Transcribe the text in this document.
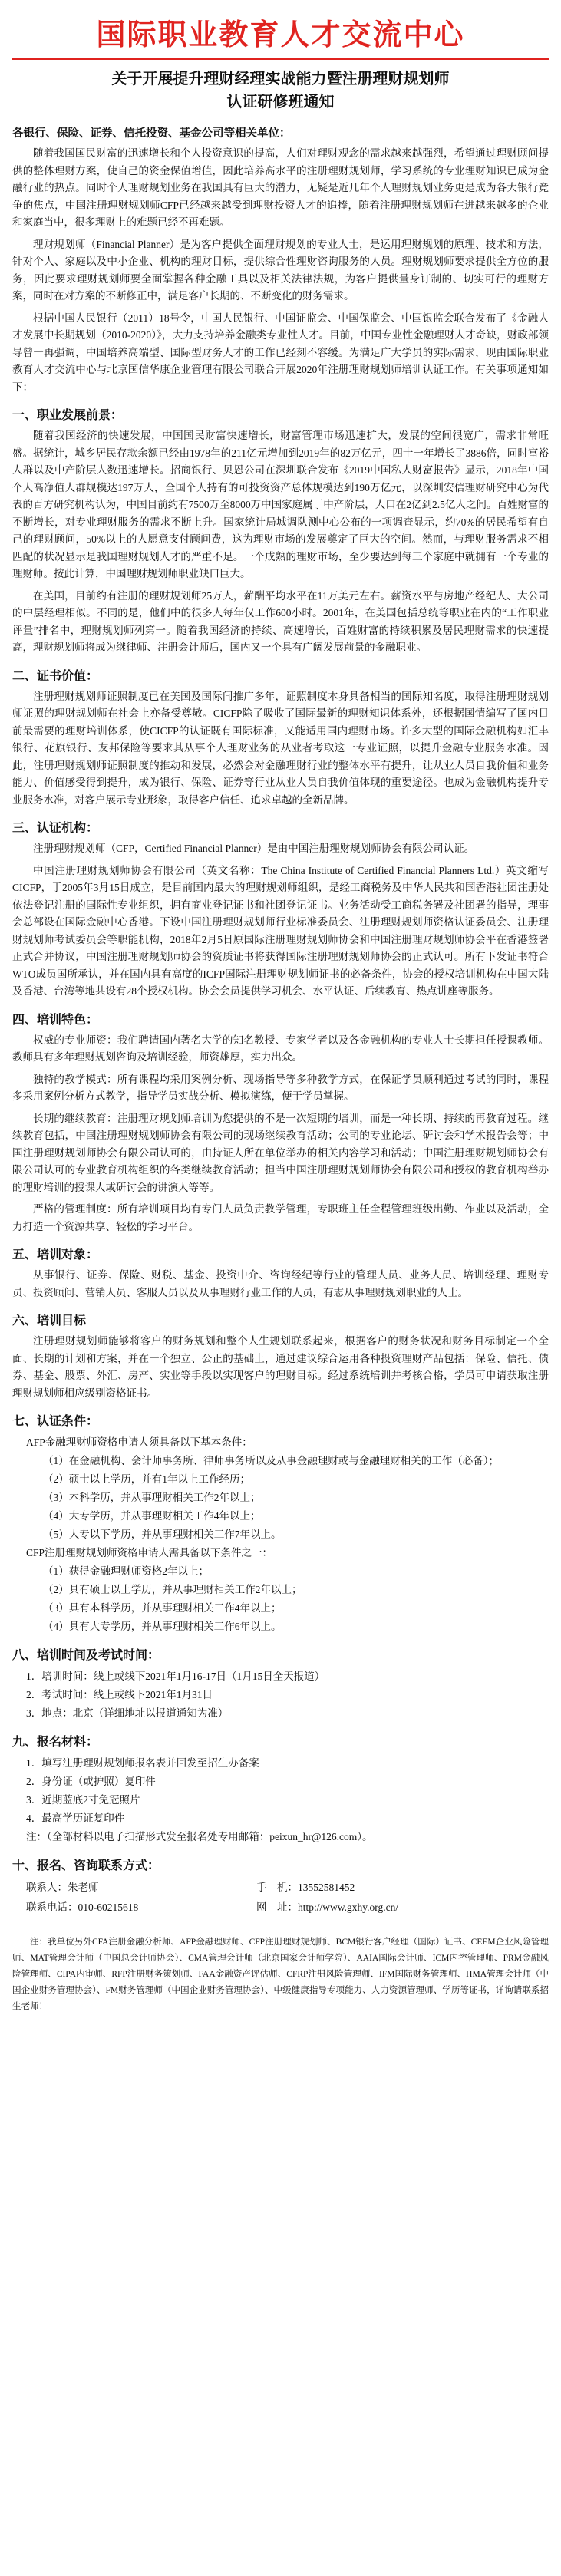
国际职业教育人才交流中心
关于开展提升理财经理实战能力暨注册理财规划师
认证研修班通知
各银行、保险、证券、信托投资、基金公司等相关单位：

随着我国国民财富的迅速增长和个人投资意识的提高，人们对理财观念的需求越来越强烈，希望通过理财顾问提供的整体理财方案，使自己的资金保值增值，因此培养高水平的注册理财规划师，学习系统的专业理财知识已成为金融行业的热点。同时个人理财规划业务在我国具有巨大的潜力，无疑是近几年个人理财规划业务更是成为各大银行竞争的焦点，中国注册理财规划师CFP已经越来越受到理财投资人才的追捧，随着注册理财规划师在进越来越多的企业和家庭当中，很多理财上的难题已经不再难题。

理财规划师（Financial Planner）是为客户提供全面理财规划的专业人士，是运用理财规划的原理、技术和方法，针对个人、家庭以及中小企业、机构的理财目标，提供综合性理财咨询服务的人员。理财规划师要求提供全方位的服务，因此要求理财规划师要全面掌握各种金融工具以及相关法律法规，为客户提供量身订制的、切实可行的理财方案，同时在对方案的不断修正中，满足客户长期的、不断变化的财务需求。

根据中国人民银行（2011）18号令，中国人民银行、中国证监会、中国保监会、中国银监会联合发布了《金融人才发展中长期规划（2010-2020）》，大力支持培养金融类专业性人才。目前，中国专业性金融理财人才奇缺，财政部领导曾一再强调，中国培养高端型、国际型财务人才的工作已经刻不容缓。为满足广大学员的实际需求，现由国际职业教育人才交流中心与北京国信华康企业管理有限公司联合开展2020年注册理财规划师培训认证工作。有关事项通知如下：

一、职业发展前景：

随着我国经济的快速发展，中国国民财富快速增长，财富管理市场迅速扩大，发展的空间很宽广，需求非常旺盛。据统计，城乡居民存款余额已经由1978年的211亿元增加到2019年的82万亿元，四十一年增长了3886倍，同时富裕人群以及中产阶层人数迅速增长。招商银行、贝恩公司在深圳联合发布《2019中国私人财富报告》显示，2018年中国个人高净值人群规模达197万人，全国个人持有的可投资资产总体规模达到190万亿元，以深圳安信理财研究中心为代表的百方研究机构认为，中国目前约有7500万至8000万中国家庭属于中产阶层，人口在2亿到2.5亿人之间。百姓财富的不断增长，对专业理财服务的需求不断上升。国家统计局城调队测中心公布的一项调查显示，约70%的居民希望有自己的理财顾问，50%以上的人愿意支付顾问费，这为理财市场的发展奠定了巨大的空间。然而，与理财服务需求不相匹配的状况显示是我国理财规划人才的严重不足。一个成熟的理财市场，至少要达到每三个家庭中就拥有一个专业的理财师。按此计算，中国理财规划师职业缺口巨大。

在美国，目前约有注册的理财规划师25万人，薪酬平均水平在11万美元左右。薪资水平与房地产经纪人、大公司的中层经理相似。不同的是，他们中的很多人每年仅工作600小时。2001年，在美国包括总统等职业在内的“工作职业评量”排名中，理财规划师列第一。随着我国经济的持续、高速增长，百姓财富的持续积累及居民理财需求的快速提高，理财规划师将成为继律师、注册会计师后，国内又一个具有广阔发展前景的金融职业。

二、证书价值：

注册理财规划师证照制度已在美国及国际间推广多年，证照制度本身具备相当的国际知名度，取得注册理财规划师证照的理财规划师在社会上亦备受尊敬。CICFP除了吸收了国际最新的理财知识体系外，还根据国情编写了国内目前最需要的理财培训体系，使CICFP的认证既有国际标准，又能适用国内理财市场。许多大型的国际金融机构如汇丰银行、花旗银行、友邦保险等要求其从事个人理财业务的从业者考取这一专业证照，以提升金融专业服务水准。因此，注册理财规划师证照制度的推动和发展，必然会对金融理财行业的整体水平有提升，让从业人员自我价值和业务能力、价值感受得到提升，成为银行、保险、证券等行业从业人员自我价值体现的重要途径。也成为金融机构提升专业服务水准，对客户展示专业形象，取得客户信任、追求卓越的全新品牌。

三、认证机构：

注册理财规划师（CFP，Certified Financial Planner）是由中国注册理财规划师协会有限公司认证。

中国注册理财规划师协会有限公司（英文名称：The China Institute of Certified Financial Planners Ltd.）英文缩写CICFP，于2005年3月15日成立，是目前国内最大的理财规划师组织，是经工商税务及中华人民共和国香港社团注册处依法登记注册的国际性专业组织，拥有商业登记证书和社团登记证书。业务活动受工商税务署及社团署的指导，理事会总部设在国际金融中心香港。下设中国注册理财规划师行业标准委员会、注册理财规划师资格认证委员会、注册理财规划师考试委员会等职能机构，2018年2月5日原国际注册理财规划师协会和中国注册理财规划师协会平在香港签署正式合并协议，中国注册理财规划师协会的资质证书将获得国际注册理财规划师协会的正式认可。所有下发证书符合WTO成员国所承认，并在国内具有高度的ICFP国际注册理财规划师证书的必备条件，协会的授权培训机构在中国大陆及香港、台湾等地共设有28个授权机构。协会会员提供学习机会、水平认证、后续教育、热点讲座等服务。

四、培训特色：

权威的专业师资：我们聘请国内著名大学的知名教授、专家学者以及各金融机构的专业人士长期担任授课教师。教师具有多年理财规划咨询及培训经验，师资雄厚，实力出众。

独特的教学模式：所有课程均采用案例分析、现场指导等多种教学方式，在保证学员顺利通过考试的同时，课程多采用案例分析方式教学，指导学员实战分析、模拟演练，便于学员掌握。

长期的继续教育：注册理财规划师培训为您提供的不是一次短期的培训，而是一种长期、持续的再教育过程。继续教育包括，中国注册理财规划师协会有限公司的现场继续教育活动；公司的专业论坛、研讨会和学术报告会等；中国注册理财规划师协会有限公司认可的，由持证人所在单位举办的相关内容学习和活动；中国注册理财规划师协会有限公司认可的专业教育机构组织的各类继续教育活动；担当中国注册理财规划师协会有限公司和授权的教育机构举办的理财培训的授课人或研讨会的讲演人等等。

严格的管理制度：所有培训项目均有专门人员负责教学管理，专职班主任全程管理班级出勤、作业以及活动，全力打造一个资源共享、轻松的学习平台。

五、培训对象：

从事银行、证券、保险、财税、基金、投资中介、咨询经纪等行业的管理人员、业务人员、培训经理、理财专员、投资顾问、营销人员、客服人员以及从事理财行业工作的人员，有志从事理财规划职业的人士。

六、培训目标

注册理财规划师能够将客户的财务规划和整个人生规划联系起来，根据客户的财务状况和财务目标制定一个全面、长期的计划和方案，并在一个独立、公正的基础上，通过建议综合运用各种投资理财产品包括：保险、信托、债券、基金、股票、外汇、房产、实业等手段以实现客户的理财目标。经过系统培训并考核合格，学员可申请获取注册理财规划师相应级别资格证书。

七、认证条件：
AFP金融理财师资格申请人须具备以下基本条件：
（1）在金融机构、会计师事务所、律师事务所以及从事金融理财或与金融理财相关的工作（必备）；
（2）硕士以上学历，并有1年以上工作经历；
（3）本科学历，并从事理财相关工作2年以上；
（4）大专学历，并从事理财相关工作4年以上；
（5）大专以下学历，并从事理财相关工作7年以上。
CFP注册理财规划师资格申请人需具备以下条件之一：
（1）获得金融理财师资格2年以上；
（2）具有硕士以上学历，并从事理财相关工作2年以上；
（3）具有本科学历，并从事理财相关工作4年以上；
（4）具有大专学历，并从事理财相关工作6年以上。
八、培训时间及考试时间：
1．培训时间：线上或线下2021年1月16-17日（1月15日全天报道）
2．考试时间：线上或线下2021年1月31日
3．地点：北京（详细地址以报道通知为准）
九、报名材料：
1．填写注册理财规划师报名表并回发至招生办备案
2．身份证（或护照）复印件
3．近期蓝底2寸免冠照片
4．最高学历证复印件
注：（全部材料以电子扫描形式发至报名处专用邮箱：peixun_hr@126.com）。
十、报名、咨询联系方式：
联系人：朱老师	手　机：13552581452
联系电话：010-60215618	网　址：http://www.gxhy.org.cn/
注：我单位另外CFA注册金融分析师、AFP金融理财师、CFP注册理财规划师、BCM银行客户经理（国际）证书、CEEM企业风险管理师、MAT管理会计师（中国总会计师协会）、CMA管理会计师（北京国家会计师学院）、AAIA国际会计师、ICM内控管理师、PRM金融风险管理师、CIPA内审师、RFP注册财务策划师、FAA金融资产评估师、CFRP注册风险管理师、IFM国际财务管理师、HMA管理会计师（中国企业财务管理协会）、FM财务管理师（中国企业财务管理协会）、中级健康指导专项能力、人力资源管理师、学历等证书，详询请联系招生老师！
